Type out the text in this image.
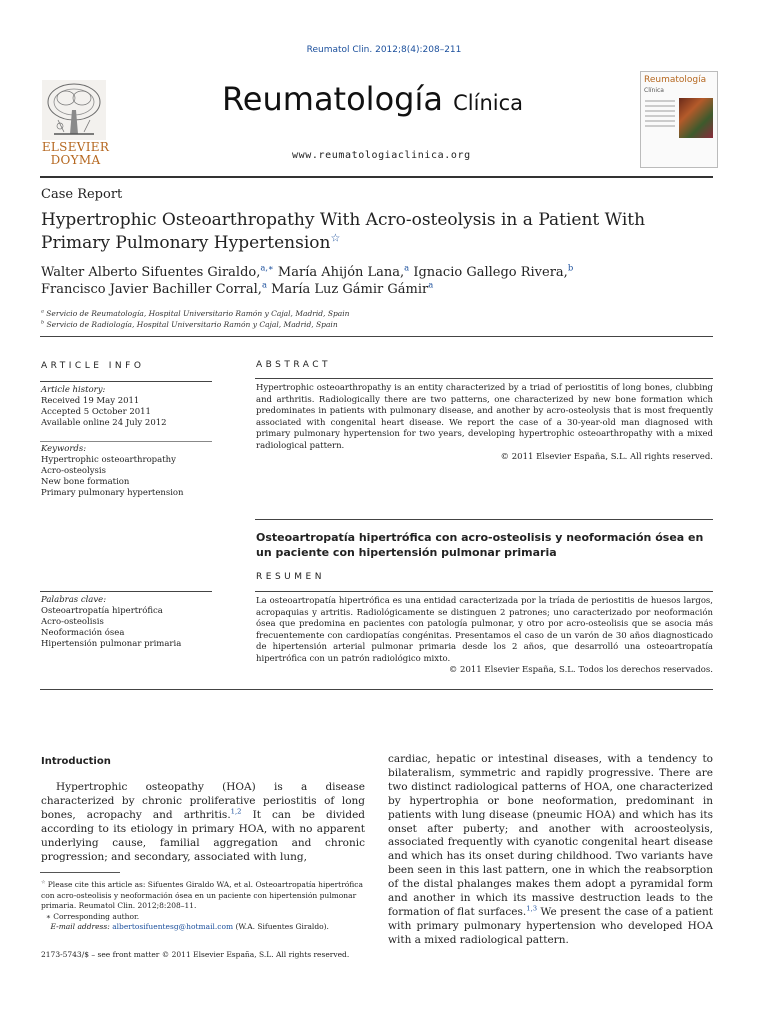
Reumatol Clin. 2012;8(4):208–211
ELSEVIER
DOYMA
Reumatología Clínica
www.reumatologiaclinica.org
Reumatología
Clínica
Case Report
Hypertrophic Osteoarthropathy With Acro-osteolysis in a Patient With Primary Pulmonary Hypertension☆
Walter Alberto Sifuentes Giraldo,$^{a,∗}$ María Ahijón Lana,$^a$ Ignacio Gallego Rivera,$^b$
Francisco Javier Bachiller Corral,$^a$ María Luz Gámir Gámir$^a$
$^a$ Servicio de Reumatología, Hospital Universitario Ramón y Cajal, Madrid, Spain
$^b$ Servicio de Radiología, Hospital Universitario Ramón y Cajal, Madrid, Spain
ARTICLE INFO
Article history:
Received 19 May 2011
Accepted 5 October 2011
Available online 24 July 2012
Keywords:
Hypertrophic osteoarthropathy
Acro-osteolysis
New bone formation
Primary pulmonary hypertension
ABSTRACT
Hypertrophic osteoarthropathy is an entity characterized by a triad of periostitis of long bones, clubbing and arthritis. Radiologically there are two patterns, one characterized by new bone formation which predominates in patients with pulmonary disease, and another by acro-osteolysis that is most frequently associated with congenital heart disease. We report the case of a 30-year-old man diagnosed with primary pulmonary hypertension for two years, developing hypertrophic osteoarthropathy with a mixed radiological pattern.
© 2011 Elsevier España, S.L. All rights reserved.
Osteoartropatía hipertrófica con acro-osteolisis y neoformación ósea en un paciente con hipertensión pulmonar primaria
RESUMEN
Palabras clave:
Osteoartropatía hipertrófica
Acro-osteolisis
Neoformación ósea
Hipertensión pulmonar primaria
La osteoartropatía hipertrófica es una entidad caracterizada por la tríada de periostitis de huesos largos, acropaquias y artritis. Radiológicamente se distinguen 2 patrones; uno caracterizado por neoformación ósea que predomina en pacientes con patología pulmonar, y otro por acro-osteolisis que se asocia más frecuentemente con cardiopatías congénitas. Presentamos el caso de un varón de 30 años diagnosticado de hipertensión arterial pulmonar primaria desde los 2 años, que desarrolló una osteoartropatía hipertrófica con un patrón radiológico mixto.
© 2011 Elsevier España, S.L. Todos los derechos reservados.
Introduction
Hypertrophic osteopathy (HOA) is a disease characterized by chronic proliferative periostitis of long bones, acropachy and arthritis.$^{1,2}$ It can be divided according to its etiology in primary HOA, with no apparent underlying cause, familial aggregation and chronic progression; and secondary, associated with lung,
cardiac, hepatic or intestinal diseases, with a tendency to bilateralism, symmetric and rapidly progressive. There are two distinct radiological patterns of HOA, one characterized by hypertrophia or bone neoformation, predominant in patients with lung disease (pneumic HOA) and which has its onset after puberty; and another with acroosteolysis, associated frequently with cyanotic congenital heart disease and which has its onset during childhood. Two variants have been seen in this last pattern, one in which the reabsorption of the distal phalanges makes them adopt a pyramidal form and another in which its massive destruction leads to the formation of flat surfaces.$^{1,3}$ We present the case of a patient with primary pulmonary hypertension who developed HOA with a mixed radiological pattern.
☆ Please cite this article as: Sifuentes Giraldo WA, et al. Osteoartropatía hipertrófica con acro-osteolisis y neoformación ósea en un paciente con hipertensión pulmonar primaria. Reumatol Clin. 2012;8:208–11.
∗ Corresponding author.
E-mail address: albertosifuentesg@hotmail.com (W.A. Sifuentes Giraldo).
2173-5743/$ – see front matter © 2011 Elsevier España, S.L. All rights reserved.
